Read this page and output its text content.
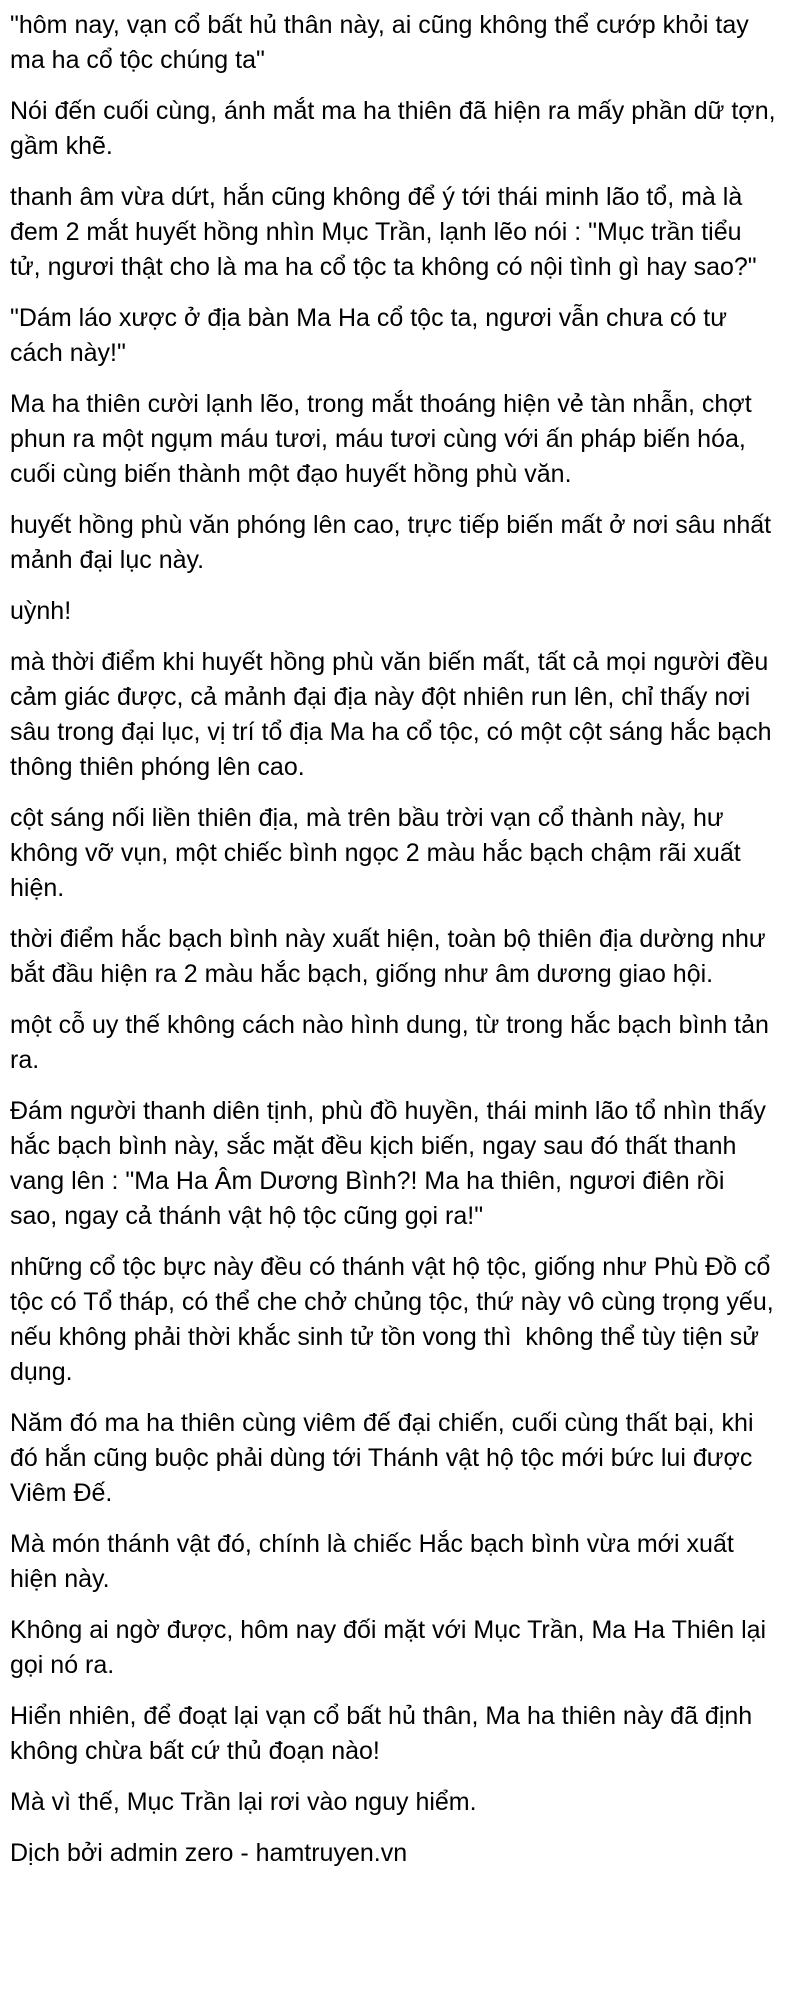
"hôm nay, vạn cổ bất hủ thân này, ai cũng không thể cướp khỏi tay ma ha cổ tộc chúng ta"

Nói đến cuối cùng, ánh mắt ma ha thiên đã hiện ra mấy phần dữ tợn, gầm khẽ.

thanh âm vừa dứt, hắn cũng không để ý tới thái minh lão tổ, mà là đem 2 mắt huyết hồng nhìn Mục Trần, lạnh lẽo nói : "Mục trần tiểu tử, ngươi thật cho là ma ha cổ tộc ta không có nội tình gì hay sao?"

"Dám láo xược ở địa bàn Ma Ha cổ tộc ta, ngươi vẫn chưa có tư cách này!"

Ma ha thiên cười lạnh lẽo, trong mắt thoáng hiện vẻ tàn nhẫn, chợt phun ra một ngụm máu tươi, máu tươi cùng với ấn pháp biến hóa, cuối cùng biến thành một đạo huyết hồng phù văn.

huyết hồng phù văn phóng lên cao, trực tiếp biến mất ở nơi sâu nhất mảnh đại lục này.

uỳnh!

mà thời điểm khi huyết hồng phù văn biến mất, tất cả mọi người đều cảm giác được, cả mảnh đại địa này đột nhiên run lên, chỉ thấy nơi sâu trong đại lục, vị trí tổ địa Ma ha cổ tộc, có một cột sáng hắc bạch thông thiên phóng lên cao.

cột sáng nối liền thiên địa, mà trên bầu trời vạn cổ thành này, hư không vỡ vụn, một chiếc bình ngọc 2 màu hắc bạch chậm rãi xuất hiện.

thời điểm hắc bạch bình này xuất hiện, toàn bộ thiên địa dường như bắt đầu hiện ra 2 màu hắc bạch, giống như âm dương giao hội.

một cỗ uy thế không cách nào hình dung, từ trong hắc bạch bình tản ra.

Đám người thanh diên tịnh, phù đồ huyền, thái minh lão tổ nhìn thấy hắc bạch bình này, sắc mặt đều kịch biến, ngay sau đó thất thanh vang lên : "Ma Ha Âm Dương Bình?! Ma ha thiên, ngươi điên rồi sao, ngay cả thánh vật hộ tộc cũng gọi ra!"

những cổ tộc bực này đều có thánh vật hộ tộc, giống như Phù Đồ cổ tộc có Tổ tháp, có thể che chở chủng tộc, thứ này vô cùng trọng yếu, nếu không phải thời khắc sinh tử tồn vong thì  không thể tùy tiện sử dụng.

Năm đó ma ha thiên cùng viêm đế đại chiến, cuối cùng thất bại, khi đó hắn cũng buộc phải dùng tới Thánh vật hộ tộc mới bức lui được Viêm Đế.

Mà món thánh vật đó, chính là chiếc Hắc bạch bình vừa mới xuất hiện này.

Không ai ngờ được, hôm nay đối mặt với Mục Trần, Ma Ha Thiên lại gọi nó ra.

Hiển nhiên, để đoạt lại vạn cổ bất hủ thân, Ma ha thiên này đã định không chừa bất cứ thủ đoạn nào!

Mà vì thế, Mục Trần lại rơi vào nguy hiểm.

Dịch bởi admin zero - hamtruyen.vn
